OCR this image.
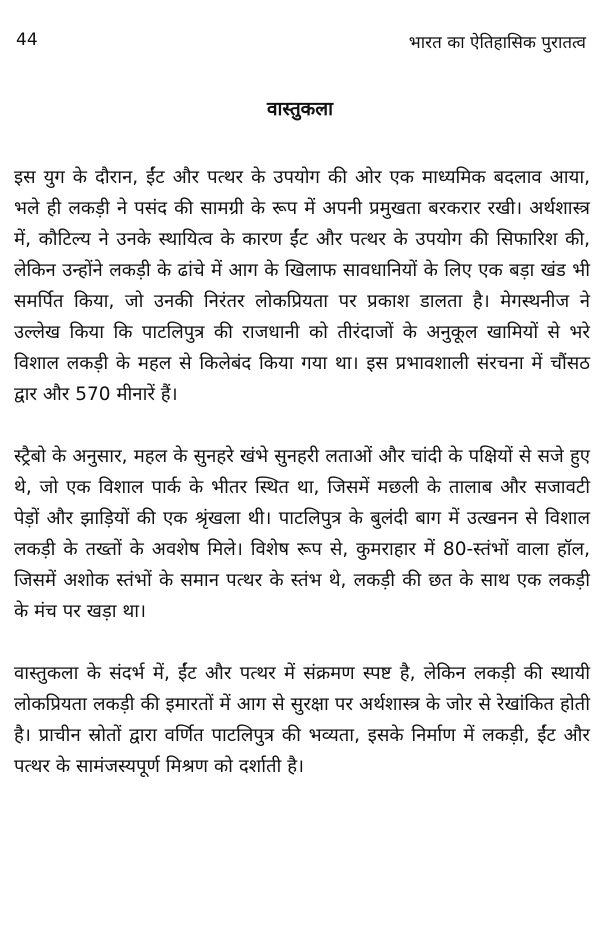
44	भारत का ऐतिहासिक पुरातत्व
वास्तुकला

इस युग के दौरान, ईंट और पत्थर के उपयोग की ओर एक माध्यमिक बदलाव आया, भले ही लकड़ी ने पसंद की सामग्री के रूप में अपनी प्रमुखता बरकरार रखी। अर्थशास्त्र में, कौटिल्य ने उनके स्थायित्व के कारण ईंट और पत्थर के उपयोग की सिफारिश की, लेकिन उन्होंने लकड़ी के ढांचे में आग के खिलाफ सावधानियों के लिए एक बड़ा खंड भी समर्पित किया, जो उनकी निरंतर लोकप्रियता पर प्रकाश डालता है। मेगस्थनीज ने उल्लेख किया कि पाटलिपुत्र की राजधानी को तीरंदाजों के अनुकूल खामियों से भरे विशाल लकड़ी के महल से किलेबंद किया गया था। इस प्रभावशाली संरचना में चौंसठ द्वार और 570 मीनारें हैं।

स्ट्रैबो के अनुसार, महल के सुनहरे खंभे सुनहरी लताओं और चांदी के पक्षियों से सजे हुए थे, जो एक विशाल पार्क के भीतर स्थित था, जिसमें मछली के तालाब और सजावटी पेड़ों और झाड़ियों की एक श्रृंखला थी। पाटलिपुत्र के बुलंदी बाग में उत्खनन से विशाल लकड़ी के तख्तों के अवशेष मिले। विशेष रूप से, कुमराहार में 80-स्तंभों वाला हॉल, जिसमें अशोक स्तंभों के समान पत्थर के स्तंभ थे, लकड़ी की छत के साथ एक लकड़ी के मंच पर खड़ा था।

वास्तुकला के संदर्भ में, ईंट और पत्थर में संक्रमण स्पष्ट है, लेकिन लकड़ी की स्थायी लोकप्रियता लकड़ी की इमारतों में आग से सुरक्षा पर अर्थशास्त्र के जोर से रेखांकित होती है। प्राचीन स्रोतों द्वारा वर्णित पाटलिपुत्र की भव्यता, इसके निर्माण में लकड़ी, ईंट और पत्थर के सामंजस्यपूर्ण मिश्रण को दर्शाती है।
